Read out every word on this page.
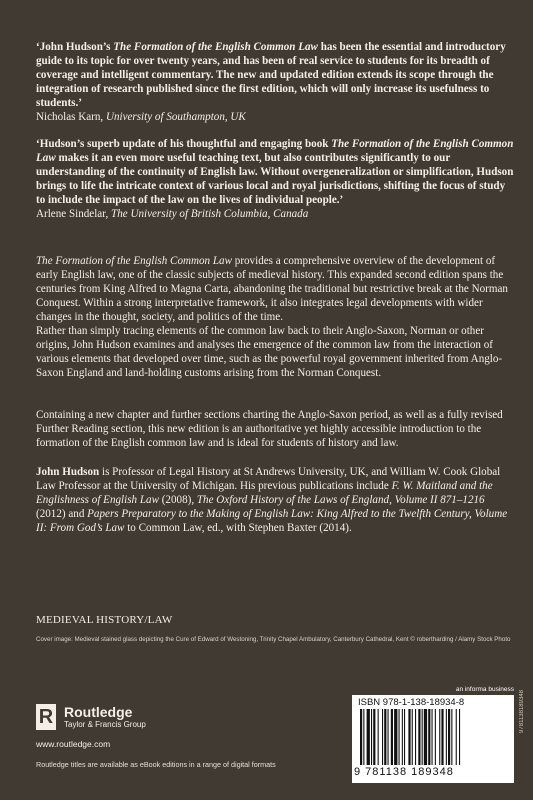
‘John Hudson’s The Formation of the English Common Law has been the essential and introductory guide to its topic for over twenty years, and has been of real service to students for its breadth of coverage and intelligent commentary. The new and updated edition extends its scope through the integration of research published since the first edition, which will only increase its usefulness to students.’

Nicholas Karn, University of Southampton, UK

‘Hudson’s superb update of his thoughtful and engaging book The Formation of the English Common Law makes it an even more useful teaching text, but also contributes significantly to our understanding of the continuity of English law. Without overgeneralization or simplification, Hudson brings to life the intricate context of various local and royal jurisdictions, shifting the focus of study to include the impact of the law on the lives of individual people.’

Arlene Sindelar, The University of British Columbia, Canada

The Formation of the English Common Law provides a comprehensive overview of the development of early English law, one of the classic subjects of medieval history. This expanded second edition spans the centuries from King Alfred to Magna Carta, abandoning the traditional but restrictive break at the Norman Conquest. Within a strong interpretative framework, it also integrates legal developments with wider changes in the thought, society, and politics of the time.

Rather than simply tracing elements of the common law back to their Anglo-Saxon, Norman or other origins, John Hudson examines and analyses the emergence of the common law from the interaction of various elements that developed over time, such as the powerful royal government inherited from Anglo-Saxon England and land-holding customs arising from the Norman Conquest.

Containing a new chapter and further sections charting the Anglo-Saxon period, as well as a fully revised Further Reading section, this new edition is an authoritative yet highly accessible introduction to the formation of the English common law and is ideal for students of history and law.

John Hudson is Professor of Legal History at St Andrews University, UK, and William W. Cook Global Law Professor at the University of Michigan. His previous publications include F. W. Maitland and the Englishness of English Law (2008), The Oxford History of the Laws of England, Volume II 871–1216 (2012) and Papers Preparatory to the Making of English Law: King Alfred to the Twelfth Century, Volume II: From God’s Law to Common Law, ed., with Stephen Baxter (2014).

MEDIEVAL HISTORY/LAW
Cover image: Medieval stained glass depicting the Cure of Edward of Westoning, Trinity Chapel Ambulatory, Canterbury Cathedral, Kent © robertharding / Alamy Stock Photo
R Routledge
Taylor & Francis Group
www.routledge.com
Routledge titles are available as eBook editions in a range of digital formats
an informa business
ISBN 978-1-138-18934-8
9 781138 189348
9781138189348
